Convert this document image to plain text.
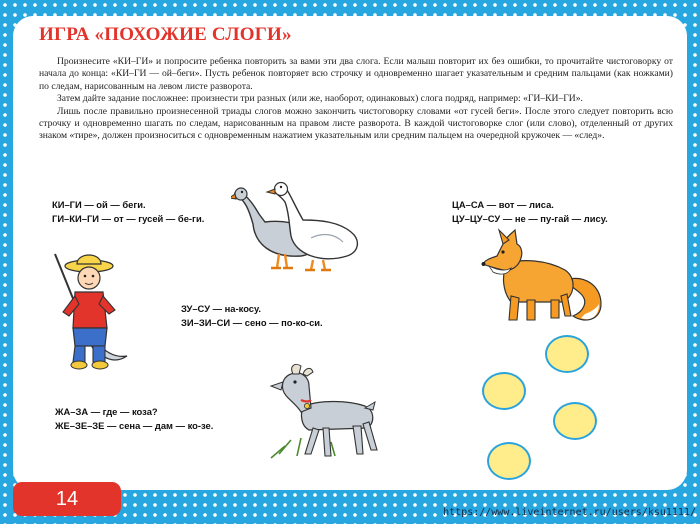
ИГРА «ПОХОЖИЕ СЛОГИ»

Произнесите «КИ–ГИ» и попросите ребенка повторить за вами эти два слога. Если малыш повторит их без ошибки, то прочитайте чистоговорку от начала до конца: «КИ–ГИ — ой–беги». Пусть ребенок повторяет всю строчку и одновременно шагает указательным и средним пальцами (как ножками) по следам, нарисованным на левом листе разворота.

Затем дайте задание посложнее: произнести три разных (или же, наоборот, одинаковых) слога подряд, например: «ГИ–КИ–ГИ».

Лишь после правильно произнесенной триады слогов можно закончить чистоговорку словами «от гусей беги». После этого следует повторить всю строчку и одновременно шагать по следам, нарисованным на правом листе разворота. В каждой чистоговорке слог (или слово), отделенный от других знаком «тире», должен произноситься с одновременным нажатием указательным или средним пальцем на очередной кружочек — «след».

КИ–ГИ — ой — беги.

ГИ–КИ–ГИ — от — гусей — бе-ги.

ЦА–СА — вот — лиса.

ЦУ–ЦУ–СУ — не — пу-гай — лису.

ЗУ–СУ — на-косу.

ЗИ–ЗИ–СИ — сено — по-ко-си.

ЖА–ЗА — где — коза?

ЖЕ–ЗЕ–ЗЕ — сена — дам — ко-зе.

14
https://www.liveinternet.ru/users/ksu1111/
